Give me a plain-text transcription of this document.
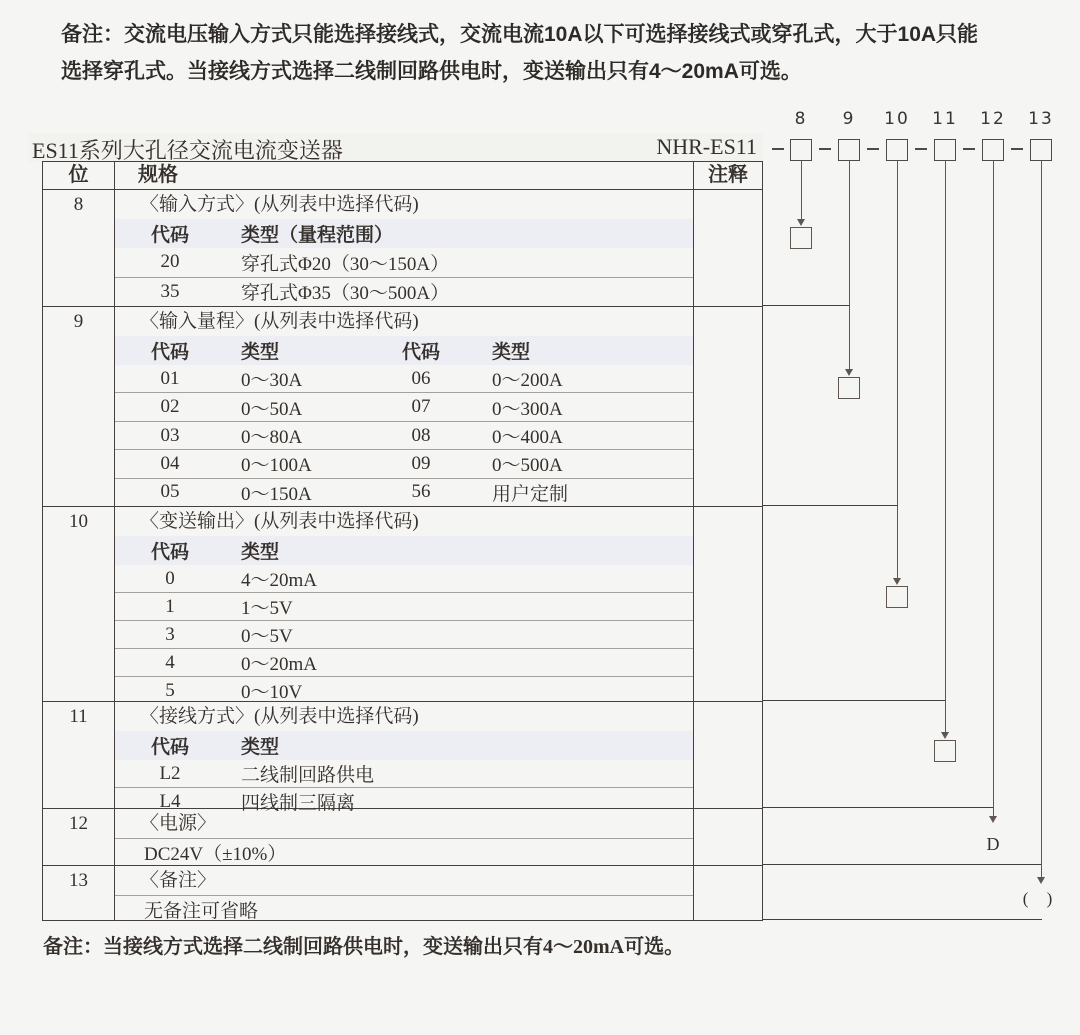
备注：交流电压输入方式只能选择接线式，交流电流10A以下可选择接线式或穿孔式，大于10A只能
选择穿孔式。当接线方式选择二线制回路供电时，变送输出只有4～20mA可选。
ES11系列大孔径交流电流变送器	NHR-ES11
位	规格	注释
8	〈输入方式〉(从列表中选择代码)
代码	类型（量程范围）
20	穿孔式Φ20（30～150A）
35	穿孔式Φ35（30～500A）
9	〈输入量程〉(从列表中选择代码)
代码	类型	代码	类型
01	0～30A	06	0～200A
02	0～50A	07	0～300A
03	0～80A	08	0～400A
04	0～100A	09	0～500A
05	0～150A	56	用户定制
10	〈变送输出〉(从列表中选择代码)
代码	类型
0	4～20mA
1	1～5V
3	0～5V
4	0～20mA
5	0～10V
11	〈接线方式〉(从列表中选择代码)
代码	类型
L2	二线制回路供电
L4	四线制三隔离
12	〈电源〉
DC24V（±10%）
13	〈备注〉
无备注可省略
8	9	10 11 12 13
D
( )
备注：当接线方式选择二线制回路供电时，变送输出只有4～20mA可选。
